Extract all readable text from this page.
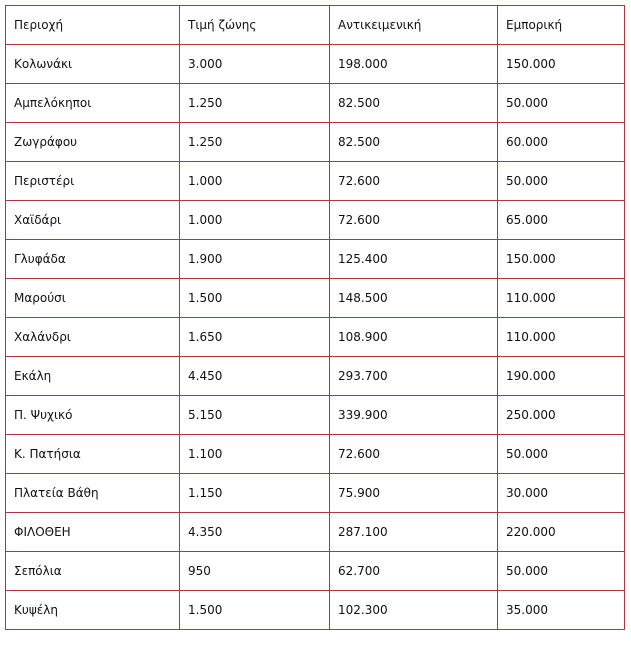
Περιοχή	Τιμή ζώνης	Αντικειμενική	Εμπορική
Κολωνάκι	3.000	198.000	150.000
Αμπελόκηποι	1.250	82.500	50.000
Ζωγράφου	1.250	82.500	60.000
Περιστέρι	1.000	72.600	50.000
Χαϊδάρι	1.000	72.600	65.000
Γλυφάδα	1.900	125.400	150.000
Μαρούσι	1.500	148.500	110.000
Χαλάνδρι	1.650	108.900	110.000
Εκάλη	4.450	293.700	190.000
Π. Ψυχικό	5.150	339.900	250.000
Κ. Πατήσια	1.100	72.600	50.000
Πλατεία Βάθη	1.150	75.900	30.000
ΦΙΛΟΘΕΗ	4.350	287.100	220.000
Σεπόλια	950	62.700	50.000
Κυψέλη	1.500	102.300	35.000
